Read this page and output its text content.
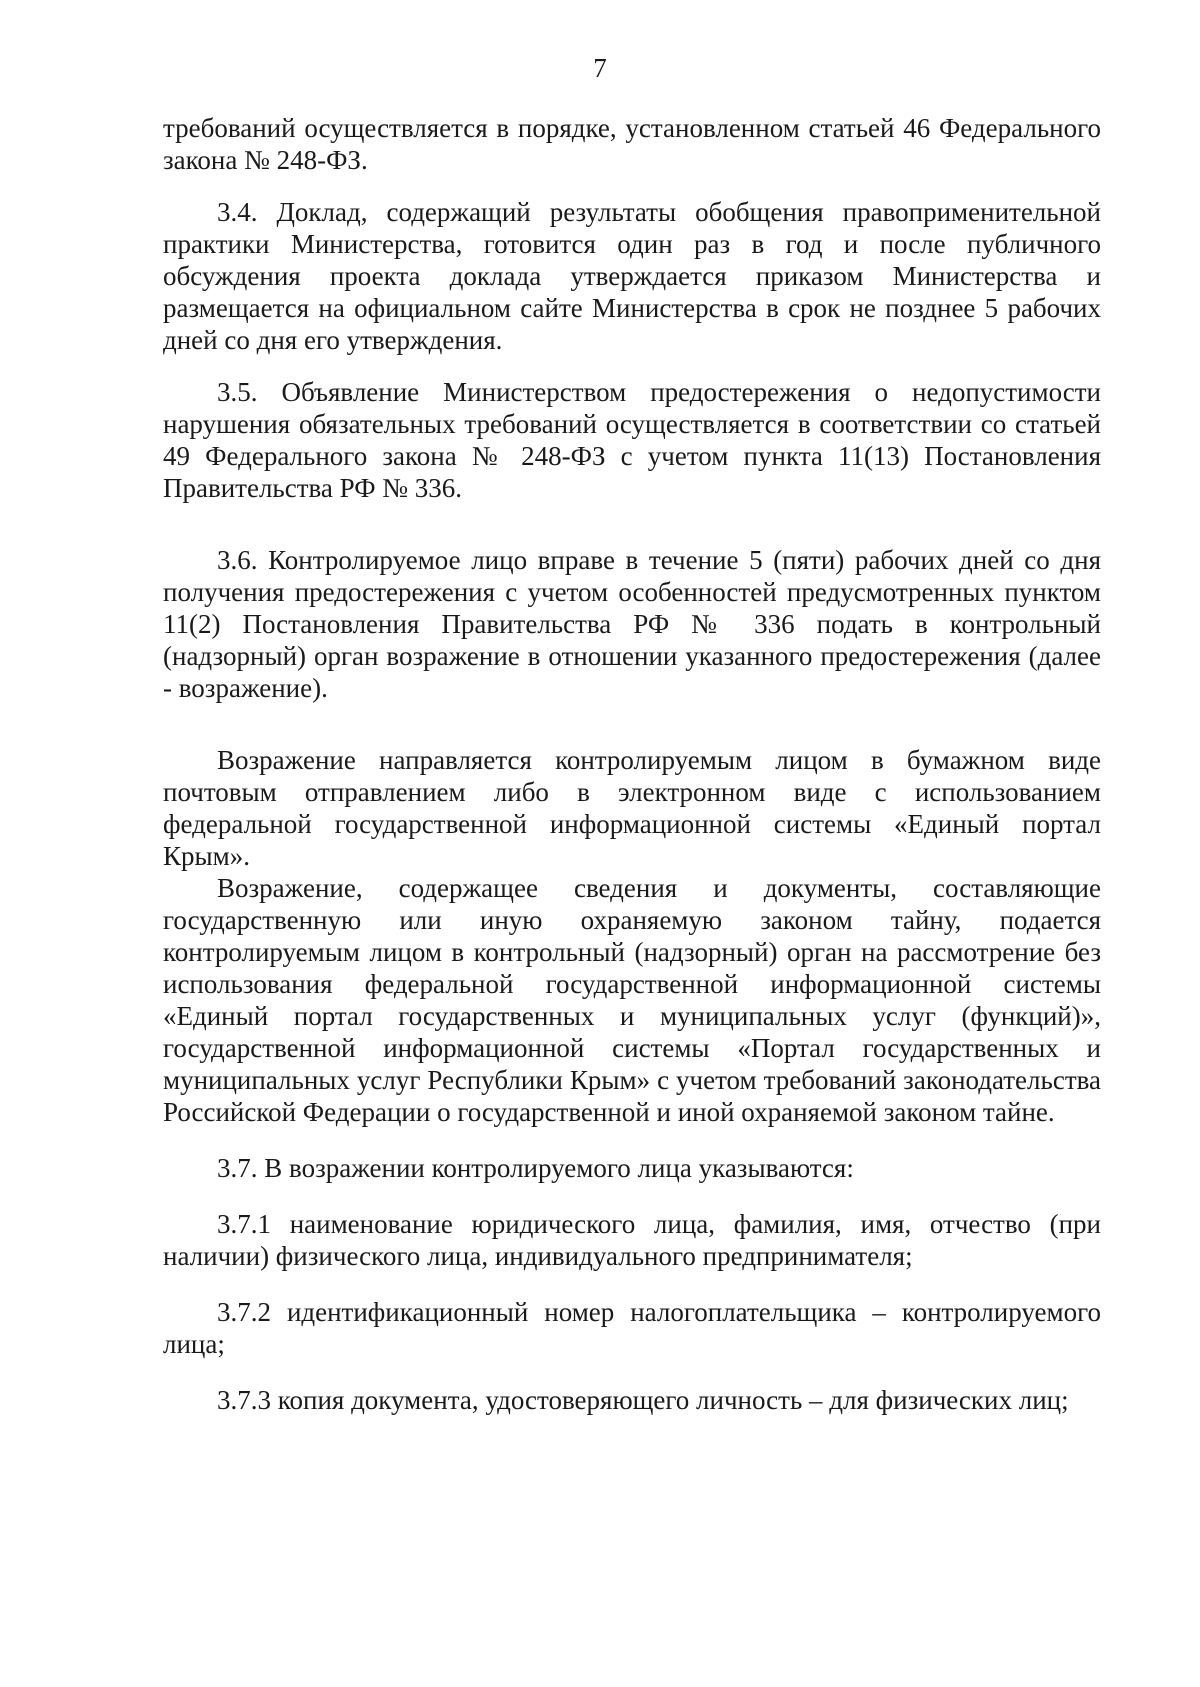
7

требований осуществляется в порядке, установленном статьей 46 Федерального закона № 248-ФЗ.

3.4. Доклад, содержащий результаты обобщения правоприменительной практики Министерства, готовится один раз в год и после публичного обсуждения проекта доклада утверждается приказом Министерства и размещается на официальном сайте Министерства в срок не позднее 5 рабочих дней со дня его утверждения.

3.5. Объявление Министерством предостережения о недопустимости нарушения обязательных требований осуществляется в соответствии со статьей 49 Федерального закона № 248-ФЗ с учетом пункта 11(13) Постановления Правительства РФ № 336.

3.6. Контролируемое лицо вправе в течение 5 (пяти) рабочих дней со дня получения предостережения с учетом особенностей предусмотренных пунктом 11(2) Постановления Правительства РФ № 336 подать в контрольный (надзорный) орган возражение в отношении указанного предостережения (далее - возражение).

Возражение направляется контролируемым лицом в бумажном виде почтовым отправлением либо в электронном виде с использованием федеральной государственной информационной системы «Единый портал Крым».

Возражение, содержащее сведения и документы, составляющие государственную или иную охраняемую законом тайну, подается контролируемым лицом в контрольный (надзорный) орган на рассмотрение без использования федеральной государственной информационной системы «Единый портал государственных и муниципальных услуг (функций)», государственной информационной системы «Портал государственных и муниципальных услуг Республики Крым» с учетом требований законодательства Российской Федерации о государственной и иной охраняемой законом тайне.

3.7. В возражении контролируемого лица указываются:

3.7.1 наименование юридического лица, фамилия, имя, отчество (при наличии) физического лица, индивидуального предпринимателя;

3.7.2 идентификационный номер налогоплательщика – контролируемого лица;

3.7.3 копия документа, удостоверяющего личность – для физических лиц;
